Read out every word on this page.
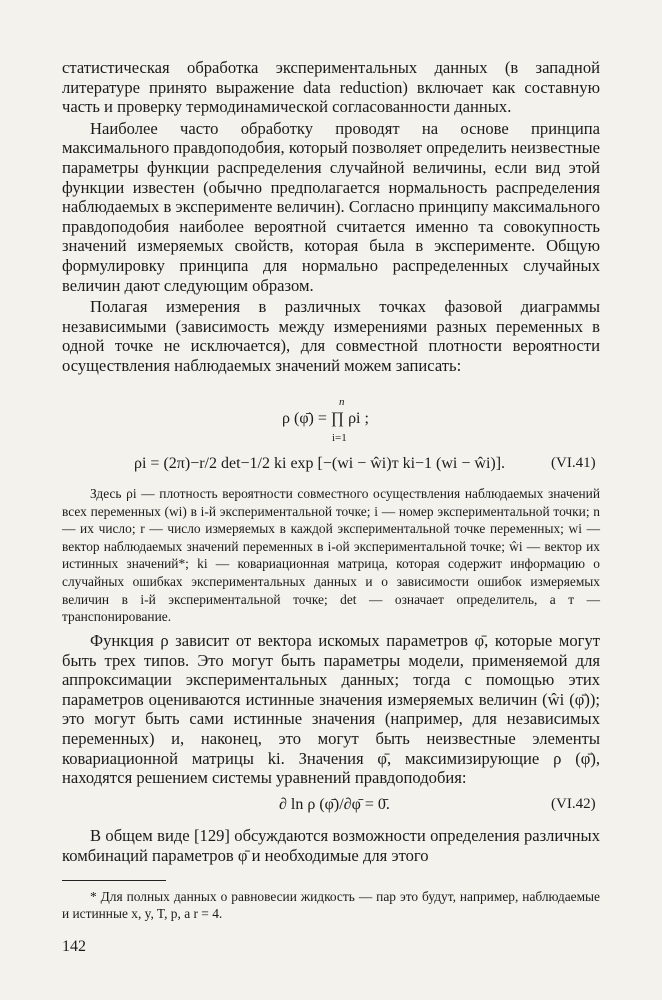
статистическая обработка экспериментальных данных (в западной литературе принято выражение data reduction) включает как составную часть и проверку термодинамической согласованности данных.

Наиболее часто обработку проводят на основе принципа максимального правдоподобия, который позволяет определить неизвестные параметры функции распределения случайной величины, если вид этой функции известен (обычно предполагается нормальность распределения наблюдаемых в эксперименте величин). Согласно принципу максимального правдоподобия наиболее вероятной считается именно та совокупность значений измеряемых свойств, которая была в эксперименте. Общую формулировку принципа для нормально распределенных случайных величин дают следующим образом.

Полагая измерения в различных точках фазовой диаграммы независимыми (зависимость между измерениями разных переменных в одной точке не исключается), для совместной плотности вероятности осуществления наблюдаемых значений можем записать:

n
ρ (φ̄) = ∏ ρi ;
i=1
ρi = (2π)−r/2 det−1/2 ki exp [−(wi − ŵi)т ki−1 (wi − ŵi)].	(VI.41)

Здесь ρi — плотность вероятности совместного осуществления наблюдаемых значений всех переменных (wi) в i-й экспериментальной точке; i — номер экспериментальной точки; n — их число; r — число измеряемых в каждой экспериментальной точке переменных; wi — вектор наблюдаемых значений переменных в i-ой экспериментальной точке; ŵi — вектор их истинных значений*; ki — ковариационная матрица, которая содержит информацию о случайных ошибках экспериментальных данных и о зависимости ошибок измеряемых величин в i-й экспериментальной точке; det — означает определитель, а т — транспонирование.

Функция ρ зависит от вектора искомых параметров φ̄, которые могут быть трех типов. Это могут быть параметры модели, применяемой для аппроксимации экспериментальных данных; тогда с помощью этих параметров оцениваются истинные значения измеряемых величин (ŵi (φ̄)); это могут быть сами истинные значения (например, для независимых переменных) и, наконец, это могут быть неизвестные элементы ковариационной матрицы ki. Значения φ̄, максимизирующие ρ (φ̄), находятся решением системы уравнений правдоподобия:

∂ ln ρ (φ̄)/∂φ̄ = 0̄.	(VI.42)

В общем виде [129] обсуждаются возможности определения различных комбинаций параметров φ̄ и необходимые для этого

* Для полных данных о равновесии жидкость — пар это будут, например, наблюдаемые и истинные x, y, T, p, а r = 4.

142
